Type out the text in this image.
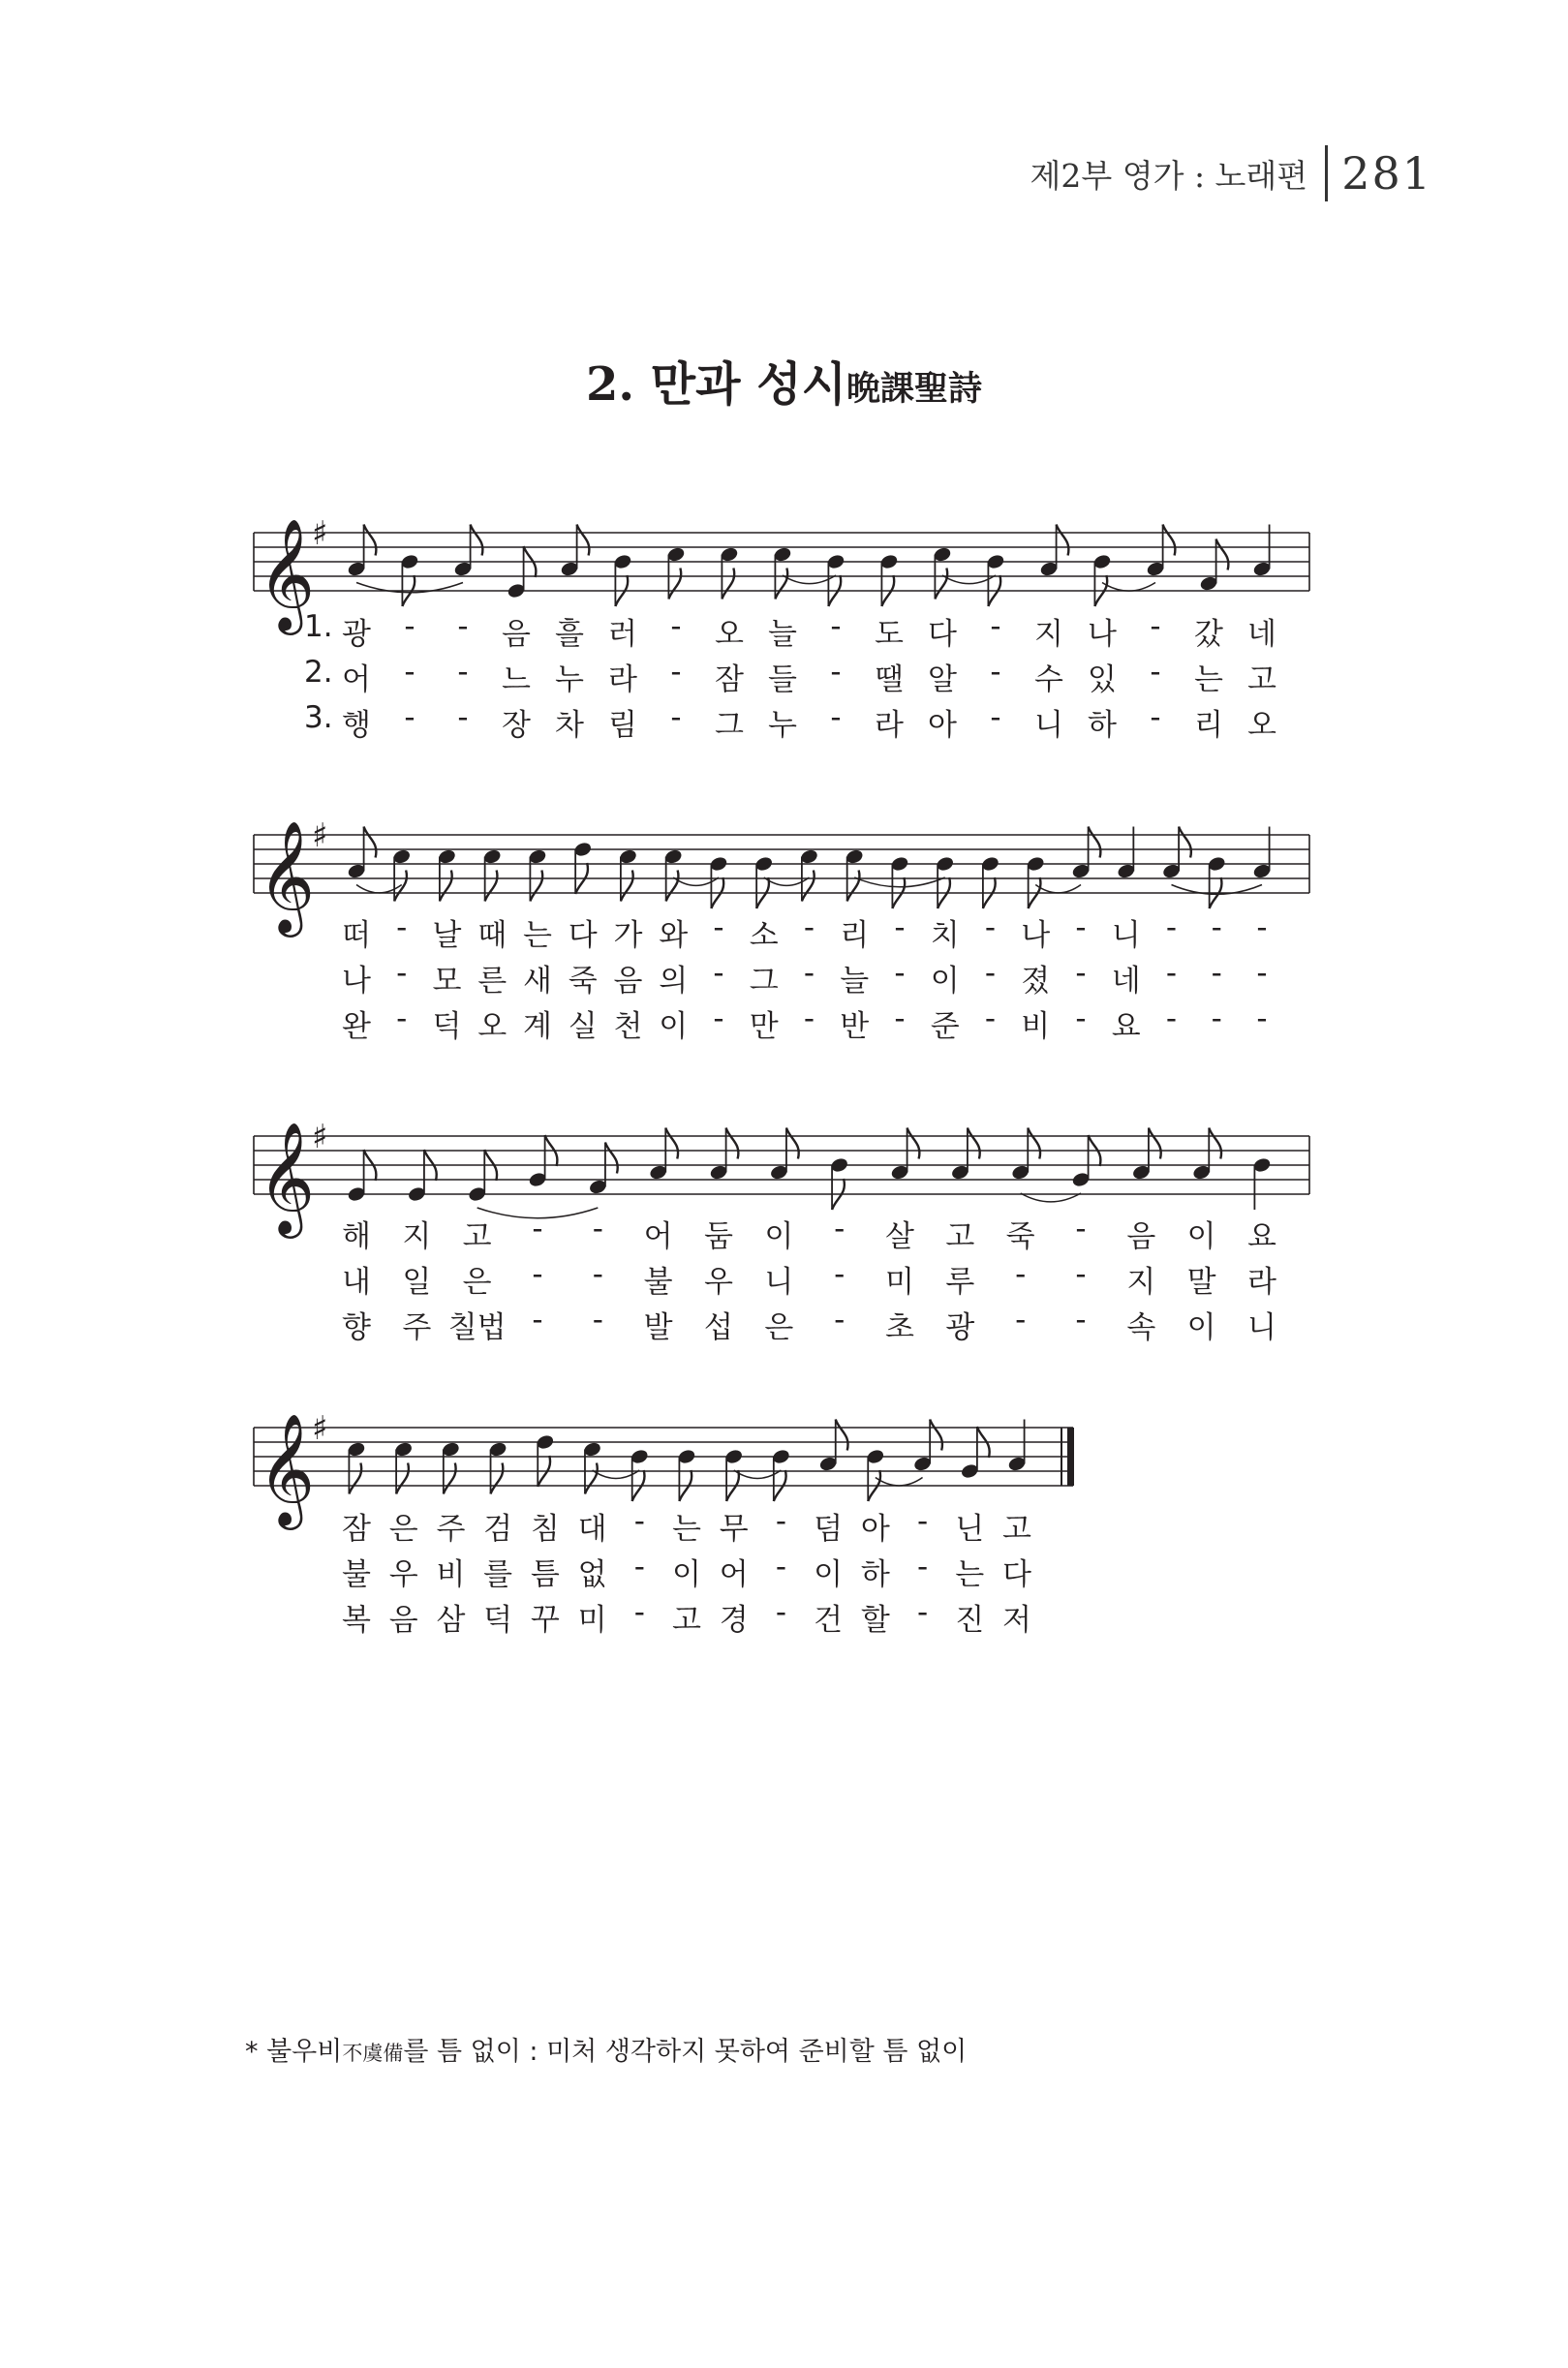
제2부 영가 : 노래편 281
2. 만과 성시晩課聖詩
𝄞
♯
1. 광 - - 음 흘 러 - 오 늘 - 도 다 - 지 나 - 갔 네
2. 어 - - 느 누 라 - 잠 들 - 땔 알 - 수 있 - 는 고
3. 행 - - 장 차 림 - 그 누 - 라 아 - 니 하 - 리 오
𝄞
♯
떠 - 날 때 는 다 가 와 - 소 - 리 - 치 - 나 - 니 - - -
나 - 모 른 새 죽 음 의 - 그 - 늘 - 이 - 졌 - 네 - - -
완 - 덕 오 계 실 천 이 - 만 - 반 - 준 - 비 - 요 - - -
𝄞
♯
해 지 고 - - 어 둠 이 - 살 고 죽 - 음 이 요
내 일 은 - - 불 우 니 - 미 루 - - 지 말 라
향 주 칠법 - - 발 섭 은 - 초 광 - - 속 이 니
𝄞
♯
잠 은 주 검 침 대 - 는 무 - 덤 아 - 닌 고
불 우 비 를 틈 없 - 이 어 - 이 하 - 는 다
복 음 삼 덕 꾸 미 - 고 경 - 건 할 - 진 저
* 불우비不虞備를 틈 없이 : 미처 생각하지 못하여 준비할 틈 없이
